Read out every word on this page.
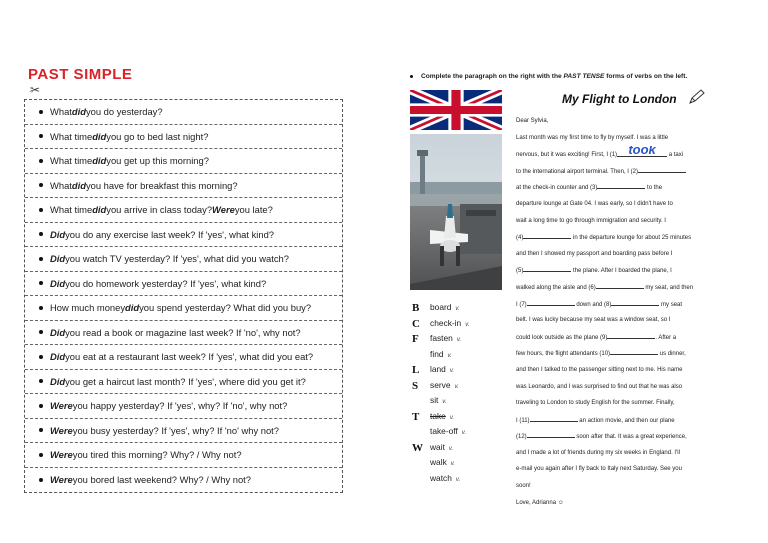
PAST SIMPLE
✂
What did you do yesterday?
What time did you go to bed last night?
What time did you get up this morning?
What did you have for breakfast this morning?
What time did you arrive in class today? Were you late?
Did you do any exercise last week? If 'yes', what kind?
Did you watch TV yesterday? If 'yes', what did you watch?
Did you do homework yesterday? If 'yes', what kind?
How much money did you spend yesterday? What did you buy?
Did you read a book or magazine last week? If 'no', why not?
Did you eat at a restaurant last week? If 'yes', what did you eat?
Did you get a haircut last month? If 'yes', where did you get it?
Were you happy yesterday? If 'yes', why? If 'no', why not?
Were you busy yesterday? If 'yes', why? If 'no' why not?
Were you tired this morning? Why? / Why not?
Were you bored last weekend? Why? / Why not?
Complete the paragraph on the right with the PAST TENSE forms of verbs on the left.
My Flight to London
Dear Sylvia,
Last month was my first time to fly by myself. I was a little
nervous, but it was exciting! First, I (1) took a taxi
to the international airport terminal. Then, I (2)
at the check-in counter and (3)	to the
departure lounge at Gate 04. I was early, so I didn't have to
wait a long time to go through immigration and security. I
(4)	in the departure lounge for about 25 minutes
and then I showed my passport and boarding pass before I
(5)	the plane. After I boarded the plane, I
walked along the aisle and (6)	my seat, and then
I (7)	down and (8)	my seat
belt. I was lucky because my seat was a window seat, so I
could look outside as the plane (9)	. After a
few hours, the flight attendants (10)	us dinner,
and then I talked to the passenger sitting next to me. His name
was Leonardo, and I was surprised to find out that he was also
traveling to London to study English for the summer. Finally,
I (11)	an action movie, and then our plane
(12)	soon after that. It was a great experience,
and I made a lot of friends during my six weeks in England. I'll
e-mail you again after I fly back to Italy next Saturday. See you
soon!
Love, Adrianna ☺
B board v.
C check-in v.
F fasten v.
find v.
L land v.
S serve v.
sit v.
T take v.
take-off v.
W wait v.
walk v.
watch v.
